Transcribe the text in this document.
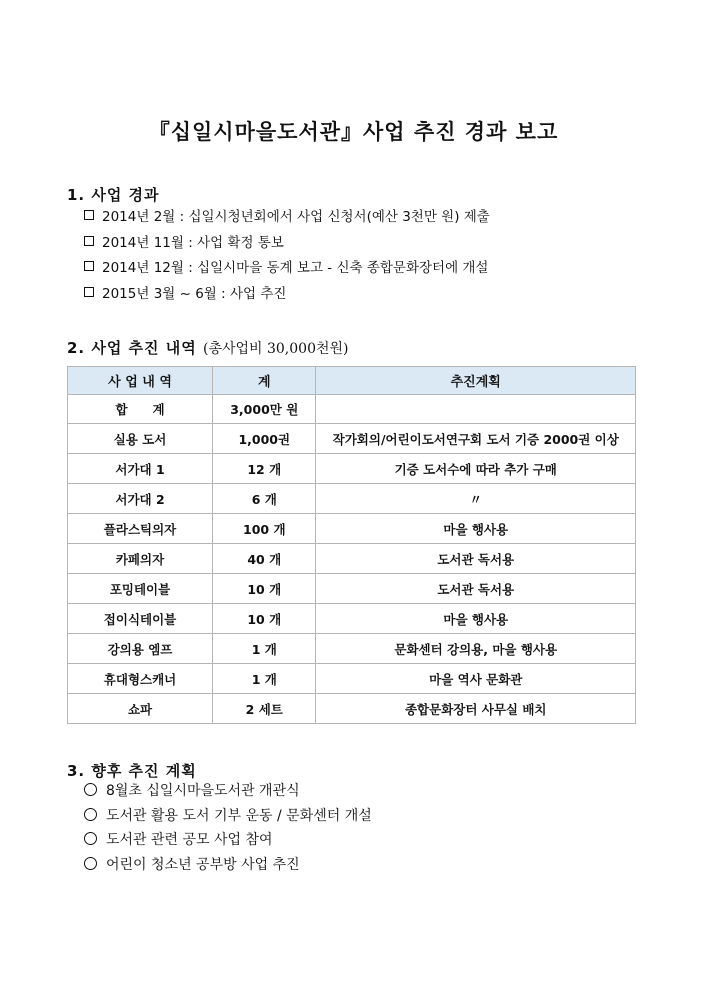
『십일시마을도서관』사업 추진 경과 보고
1. 사업 경과
2014년 2월 : 십일시청년회에서 사업 신청서(예산 3천만 원) 제출
2014년 11월 : 사업 확정 통보
2014년 12월 : 십일시마을 동계 보고 - 신축 종합문화장터에 개설
2015년 3월 ~ 6월 : 사업 추진
2. 사업 추진 내역 (총사업비 30,000천원)
사 업 내 역	계	추진계획
합　　계	3,000만 원	
실용 도서	1,000권	작가회의/어린이도서연구회 도서 기증 2000권 이상
서가대 1	12 개	기증 도서수에 따라 추가 구매
서가대 2	6 개	〃
플라스틱의자	100 개	마을 행사용
카페의자	40 개	도서관 독서용
포밍테이블	10 개	도서관 독서용
접이식테이블	10 개	마을 행사용
강의용 엠프	1 개	문화센터 강의용, 마을 행사용
휴대형스캐너	1 개	마을 역사 문화관
쇼파	2 세트	종합문화장터 사무실 배치
3. 향후 추진 계획
8월초 십일시마을도서관 개관식
도서관 활용 도서 기부 운동 / 문화센터 개설
도서관 관련 공모 사업 참여
어린이 청소년 공부방 사업 추진
